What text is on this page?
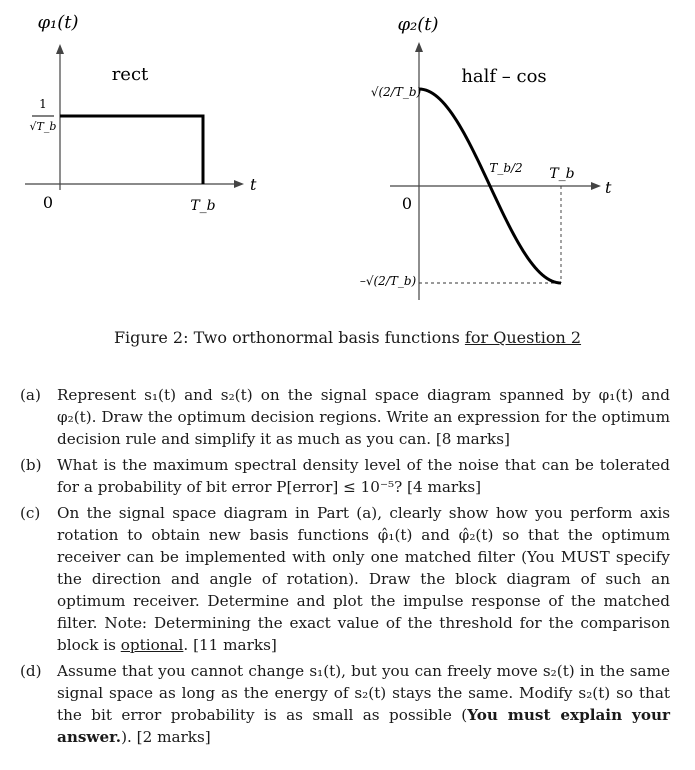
1
√T_b
φ₁(t)
rect
0	T_b
t
φ₂(t)
half – cos
√(2/T_b)
–√(2/T_b)
0
T_b/2 T_b
t
Figure 2: Two orthonormal basis functions for Question 2
(a) Represent s₁(t) and s₂(t) on the signal space diagram spanned by φ₁(t) and φ₂(t). Draw the optimum decision regions. Write an expression for the optimum decision rule and simplify it as much as you can. [8 marks]
(b) What is the maximum spectral density level of the noise that can be tolerated for a probability of bit error P[error] ≤ 10⁻⁵? [4 marks]
(c) On the signal space diagram in Part (a), clearly show how you perform axis rotation to obtain new basis functions φ̂₁(t) and φ̂₂(t) so that the optimum receiver can be implemented with only one matched filter (You MUST specify the direction and angle of rotation). Draw the block diagram of such an optimum receiver. Determine and plot the impulse response of the matched filter. Note: Determining the exact value of the threshold for the comparison block is optional. [11 marks]
(d) Assume that you cannot change s₁(t), but you can freely move s₂(t) in the same signal space as long as the energy of s₂(t) stays the same. Modify s₂(t) so that the bit error probability is as small as possible (You must explain your answer.). [2 marks]
